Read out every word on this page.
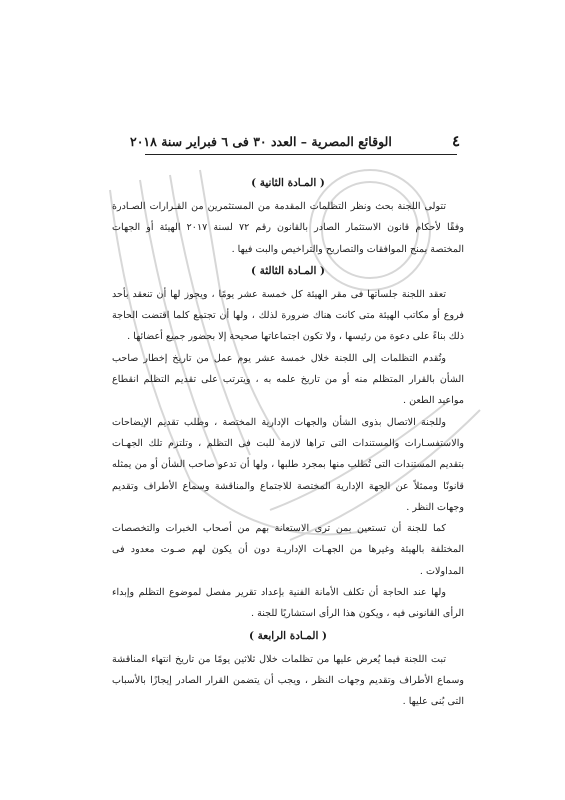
٤
الوقائع المصرية – العدد ٣٠ فى ٦ فبراير سنة ٢٠١٨
( المـادة الثانية )

تتولى اللجنة بحث ونظر التظلمات المقدمة من المستثمرين من القـرارات الصـادرة وفقًا لأحكام قانون الاستثمار الصادر بالقانون رقم ٧٢ لسنة ٢٠١٧ الهيئة أو الجهات المختصة بمنح الموافقات والتصاريح والتراخيص والبت فيها .

( المـادة الثالثة )

تعقد اللجنة جلساتها فى مقر الهيئة كل خمسة عشر يومًا ، ويجوز لها أن تنعقد بأحد فروع أو مكاتب الهيئة متى كانت هناك ضرورة لذلك ، ولها أن تجتمع كلما اقتضت الحاجة ذلك بناءً على دعوة من رئيسها ، ولا تكون اجتماعاتها صحيحة إلا بحضور جميع أعضائها .

وتُقدم التظلمات إلى اللجنة خلال خمسة عشر يوم عمل من تاريخ إخطار صاحب الشأن بالقرار المتظلم منه أو من تاريخ علمه به ، ويترتب على تقديم التظلم انقطاع مواعيد الطعن .

وللجنة الاتصال بذوى الشأن والجهات الإدارية المختصة ، وطلب تقديم الإيضاحات والاستفسـارات والمستندات التى تراها لازمة للبت فى التظلم ، وتلتزم تلك الجهـات بتقديم المستندات التى تُطلب منها بمجرد طلبها ، ولها أن تدعو صاحب الشأن أو من يمثله قانونًا وممثلاً عن الجهة الإدارية المختصة للاجتماع والمناقشة وسماع الأطراف وتقديم وجهات النظر .

كما للجنة أن تستعين بمن ترى الاستعانة بهم من أصحاب الخبرات والتخصصات المختلفة بالهيئة وغيرها من الجهـات الإداريـة دون أن يكون لهم صـوت معدود فى المداولات .

ولها عند الحاجة أن تكلف الأمانة الفنية بإعداد تقرير مفصل لموضوع التظلم وإبداء الرأى القانونى فيه ، ويكون هذا الرأى استشاريًا للجنة .

( المـادة الرابعة )

تبت اللجنة فيما يُعرض عليها من تظلمات خلال ثلاثين يومًا من تاريخ انتهاء المناقشة وسماع الأطراف وتقديم وجهات النظر ، ويجب أن يتضمن القرار الصادر إيجازًا بالأسباب التى بُنى عليها .
